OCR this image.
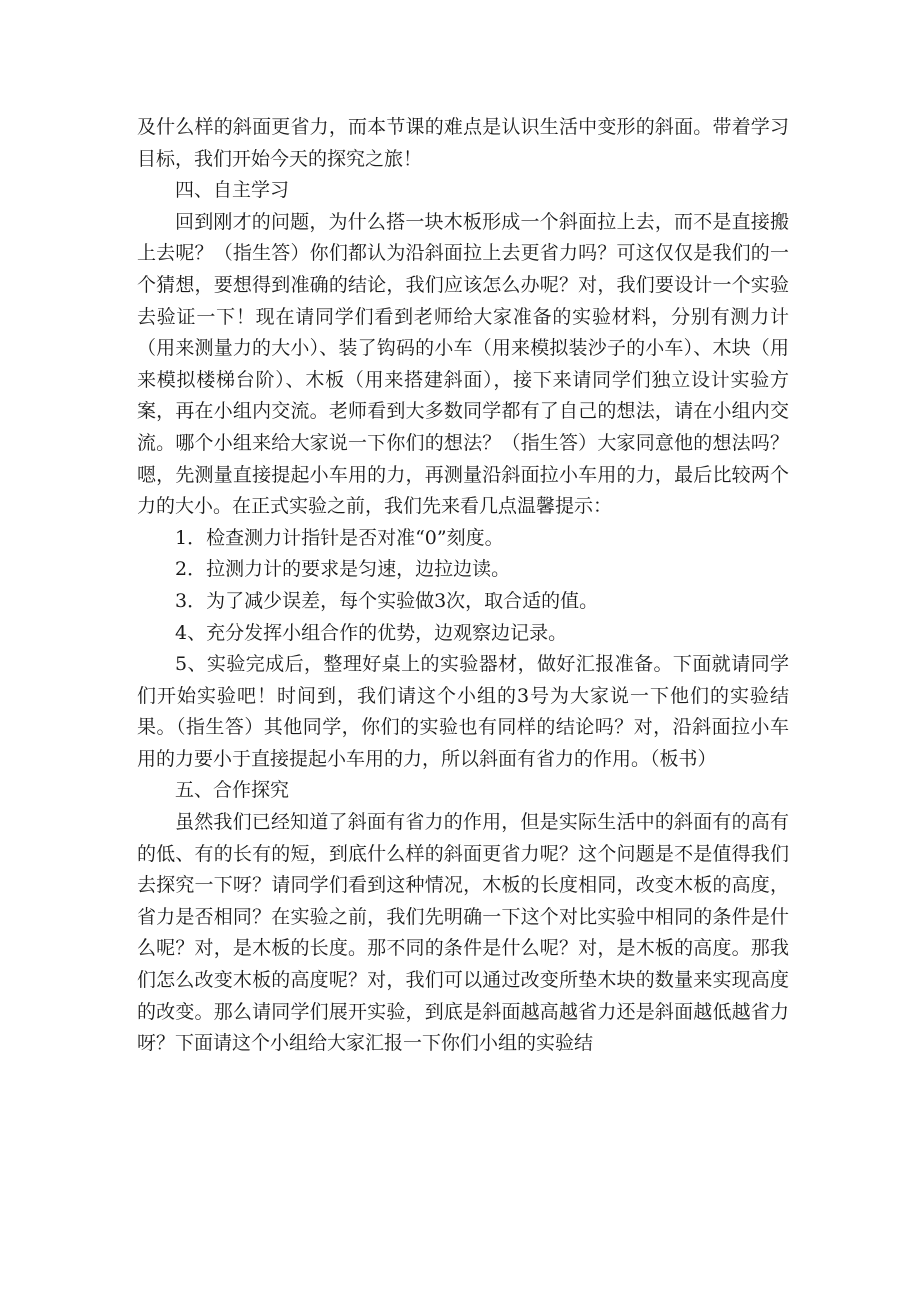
及什么样的斜面更省力，而本节课的难点是认识生活中变形的斜面。带着学习目标，我们开始今天的探究之旅！

四、自主学习

回到刚才的问题，为什么搭一块木板形成一个斜面拉上去，而不是直接搬上去呢？（指生答）你们都认为沿斜面拉上去更省力吗？可这仅仅是我们的一个猜想，要想得到准确的结论，我们应该怎么办呢？对，我们要设计一个实验去验证一下！现在请同学们看到老师给大家准备的实验材料，分别有测力计（用来测量力的大小）、装了钩码的小车（用来模拟装沙子的小车）、木块（用来模拟楼梯台阶）、木板（用来搭建斜面），接下来请同学们独立设计实验方案，再在小组内交流。老师看到大多数同学都有了自己的想法，请在小组内交流。哪个小组来给大家说一下你们的想法？（指生答）大家同意他的想法吗？嗯，先测量直接提起小车用的力，再测量沿斜面拉小车用的力，最后比较两个力的大小。在正式实验之前，我们先来看几点温馨提示：

1．检查测力计指针是否对准“0”刻度。

2．拉测力计的要求是匀速，边拉边读。

3．为了减少误差，每个实验做3次，取合适的值。

4、充分发挥小组合作的优势，边观察边记录。

5、实验完成后，整理好桌上的实验器材，做好汇报准备。下面就请同学们开始实验吧！时间到，我们请这个小组的3号为大家说一下他们的实验结果。（指生答）其他同学，你们的实验也有同样的结论吗？对，沿斜面拉小车用的力要小于直接提起小车用的力，所以斜面有省力的作用。（板书）

五、合作探究

虽然我们已经知道了斜面有省力的作用，但是实际生活中的斜面有的高有的低、有的长有的短，到底什么样的斜面更省力呢？这个问题是不是值得我们去探究一下呀？请同学们看到这种情况，木板的长度相同，改变木板的高度，省力是否相同？在实验之前，我们先明确一下这个对比实验中相同的条件是什么呢？对，是木板的长度。那不同的条件是什么呢？对，是木板的高度。那我们怎么改变木板的高度呢？对，我们可以通过改变所垫木块的数量来实现高度的改变。那么请同学们展开实验，到底是斜面越高越省力还是斜面越低越省力呀？下面请这个小组给大家汇报一下你们小组的实验结
